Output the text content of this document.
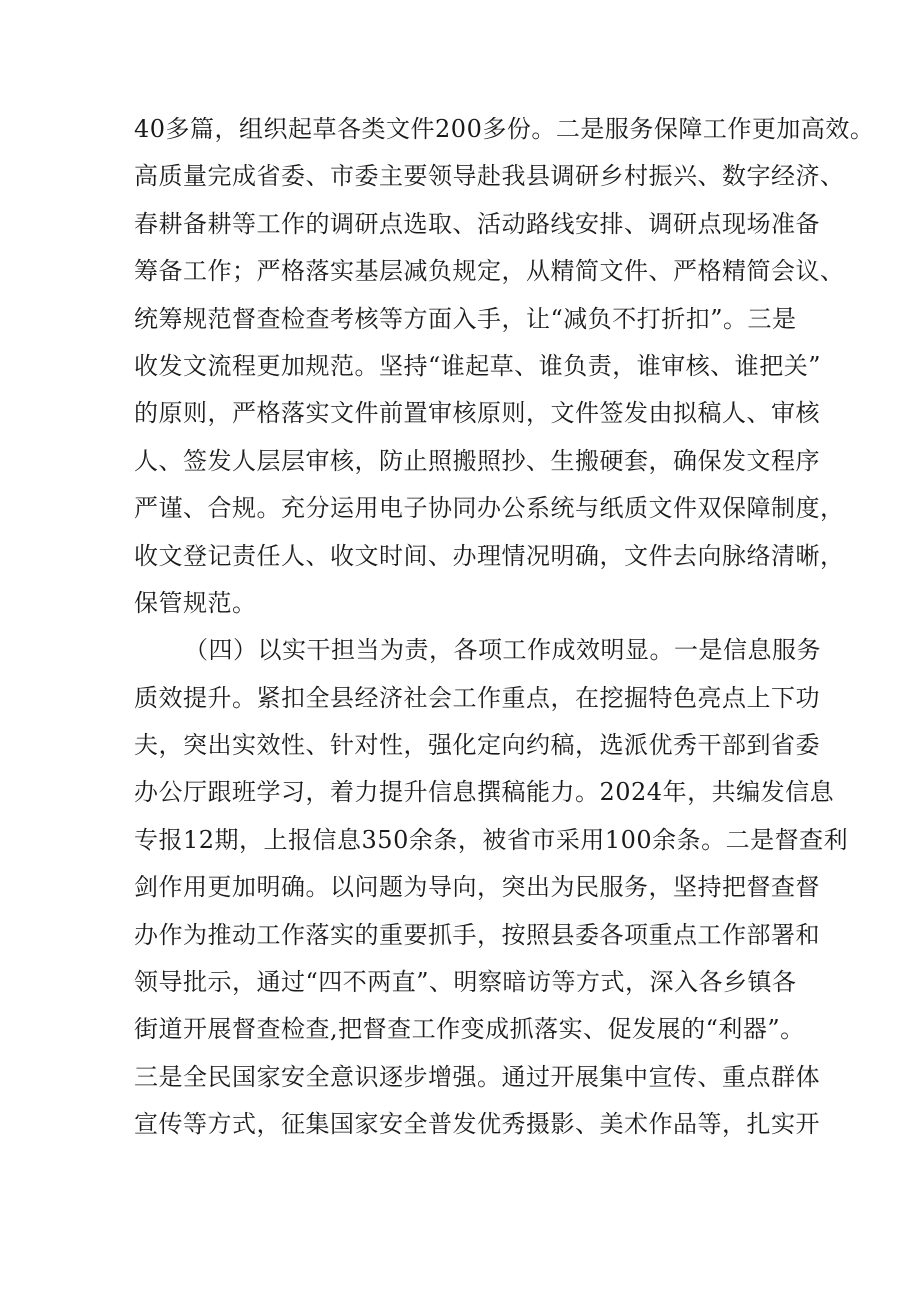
40多篇，组织起草各类文件200多份。二是服务保障工作更加高效。
高质量完成省委、市委主要领导赴我县调研乡村振兴、数字经济、
春耕备耕等工作的调研点选取、活动路线安排、调研点现场准备
筹备工作；严格落实基层减负规定，从精简文件、严格精简会议、
统筹规范督查检查考核等方面入手，让“减负不打折扣”。三是
收发文流程更加规范。坚持“谁起草、谁负责，谁审核、谁把关”
的原则，严格落实文件前置审核原则，文件签发由拟稿人、审核
人、签发人层层审核，防止照搬照抄、生搬硬套，确保发文程序
严谨、合规。充分运用电子协同办公系统与纸质文件双保障制度，
收文登记责任人、收文时间、办理情况明确，文件去向脉络清晰，
保管规范。
（四）以实干担当为责，各项工作成效明显。一是信息服务
质效提升。紧扣全县经济社会工作重点，在挖掘特色亮点上下功
夫，突出实效性、针对性，强化定向约稿，选派优秀干部到省委
办公厅跟班学习，着力提升信息撰稿能力。2024年，共编发信息
专报12期，上报信息350余条，被省市采用100余条。二是督查利
剑作用更加明确。以问题为导向，突出为民服务，坚持把督查督
办作为推动工作落实的重要抓手，按照县委各项重点工作部署和
领导批示，通过“四不两直”、明察暗访等方式，深入各乡镇各
街道开展督查检查,把督查工作变成抓落实、促发展的“利器”。
三是全民国家安全意识逐步增强。通过开展集中宣传、重点群体
宣传等方式，征集国家安全普发优秀摄影、美术作品等，扎实开
